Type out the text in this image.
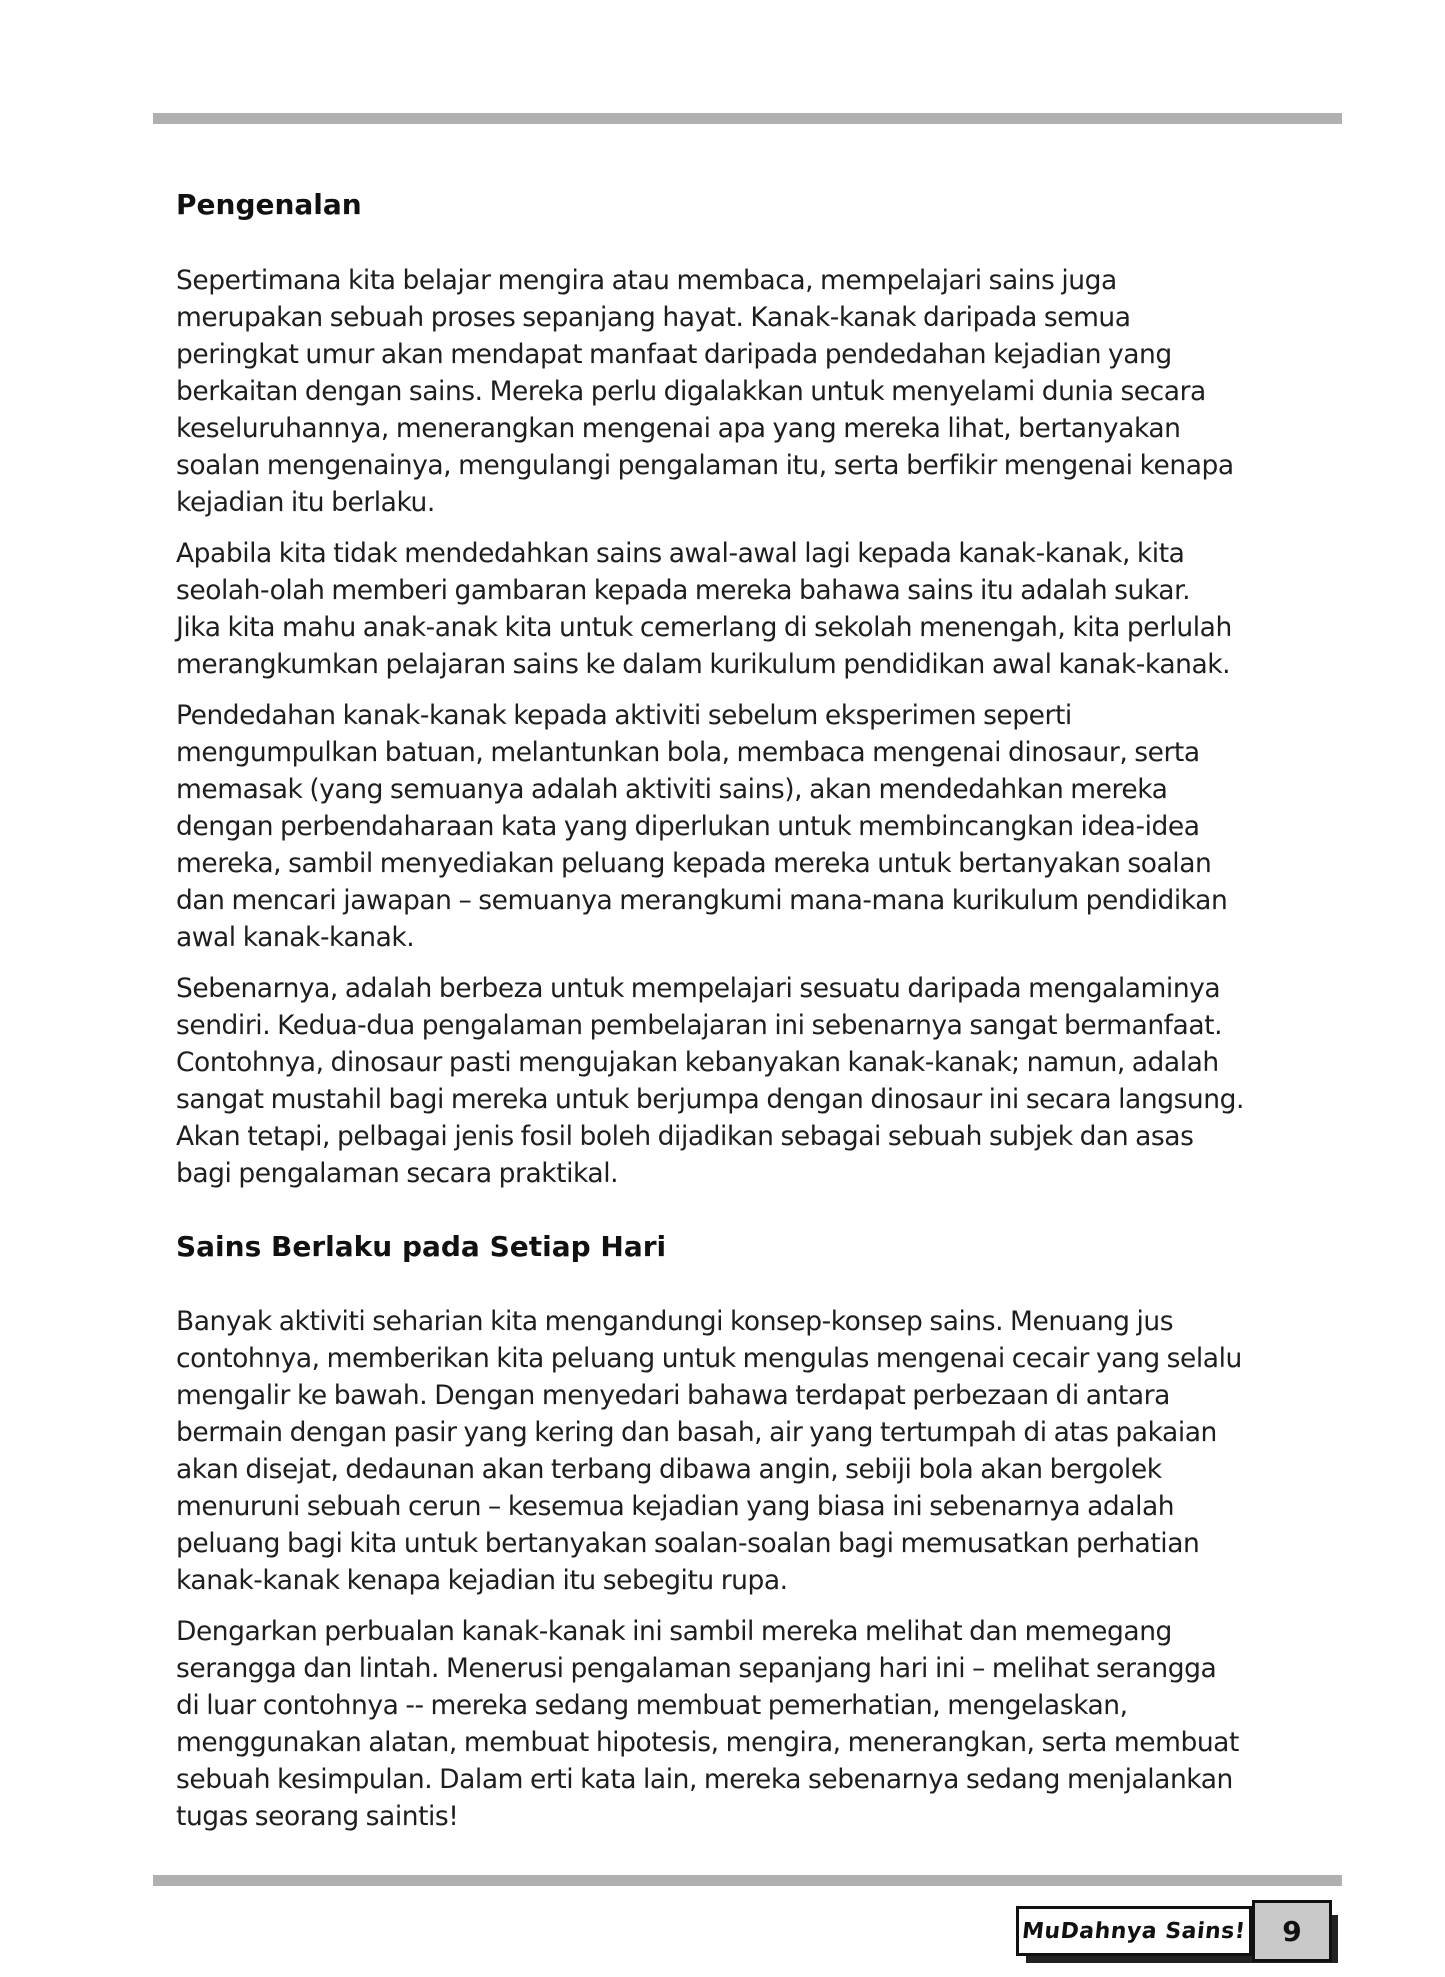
Pengenalan

Sepertimana kita belajar mengira atau membaca, mempelajari sains juga
merupakan sebuah proses sepanjang hayat. Kanak-kanak daripada semua
peringkat umur akan mendapat manfaat daripada pendedahan kejadian yang
berkaitan dengan sains. Mereka perlu digalakkan untuk menyelami dunia secara
keseluruhannya, menerangkan mengenai apa yang mereka lihat, bertanyakan
soalan mengenainya, mengulangi pengalaman itu, serta berfikir mengenai kenapa
kejadian itu berlaku.

Apabila kita tidak mendedahkan sains awal-awal lagi kepada kanak-kanak, kita
seolah-olah memberi gambaran kepada mereka bahawa sains itu adalah sukar.
Jika kita mahu anak-anak kita untuk cemerlang di sekolah menengah, kita perlulah
merangkumkan pelajaran sains ke dalam kurikulum pendidikan awal kanak-kanak.

Pendedahan kanak-kanak kepada aktiviti sebelum eksperimen seperti
mengumpulkan batuan, melantunkan bola, membaca mengenai dinosaur, serta
memasak (yang semuanya adalah aktiviti sains), akan mendedahkan mereka
dengan perbendaharaan kata yang diperlukan untuk membincangkan idea-idea
mereka, sambil menyediakan peluang kepada mereka untuk bertanyakan soalan
dan mencari jawapan – semuanya merangkumi mana-mana kurikulum pendidikan
awal kanak-kanak.

Sebenarnya, adalah berbeza untuk mempelajari sesuatu daripada mengalaminya
sendiri. Kedua-dua pengalaman pembelajaran ini sebenarnya sangat bermanfaat.
Contohnya, dinosaur pasti mengujakan kebanyakan kanak-kanak; namun, adalah
sangat mustahil bagi mereka untuk berjumpa dengan dinosaur ini secara langsung.
Akan tetapi, pelbagai jenis fosil boleh dijadikan sebagai sebuah subjek dan asas
bagi pengalaman secara praktikal.

Sains Berlaku pada Setiap Hari

Banyak aktiviti seharian kita mengandungi konsep-konsep sains. Menuang jus
contohnya, memberikan kita peluang untuk mengulas mengenai cecair yang selalu
mengalir ke bawah. Dengan menyedari bahawa terdapat perbezaan di antara
bermain dengan pasir yang kering dan basah, air yang tertumpah di atas pakaian
akan disejat, dedaunan akan terbang dibawa angin, sebiji bola akan bergolek
menuruni sebuah cerun – kesemua kejadian yang biasa ini sebenarnya adalah
peluang bagi kita untuk bertanyakan soalan-soalan bagi memusatkan perhatian
kanak-kanak kenapa kejadian itu sebegitu rupa.

Dengarkan perbualan kanak-kanak ini sambil mereka melihat dan memegang
serangga dan lintah. Menerusi pengalaman sepanjang hari ini – melihat serangga
di luar contohnya -- mereka sedang membuat pemerhatian, mengelaskan,
menggunakan alatan, membuat hipotesis, mengira, menerangkan, serta membuat
sebuah kesimpulan. Dalam erti kata lain, mereka sebenarnya sedang menjalankan
tugas seorang saintis!

MuDahnya Sains! 9
